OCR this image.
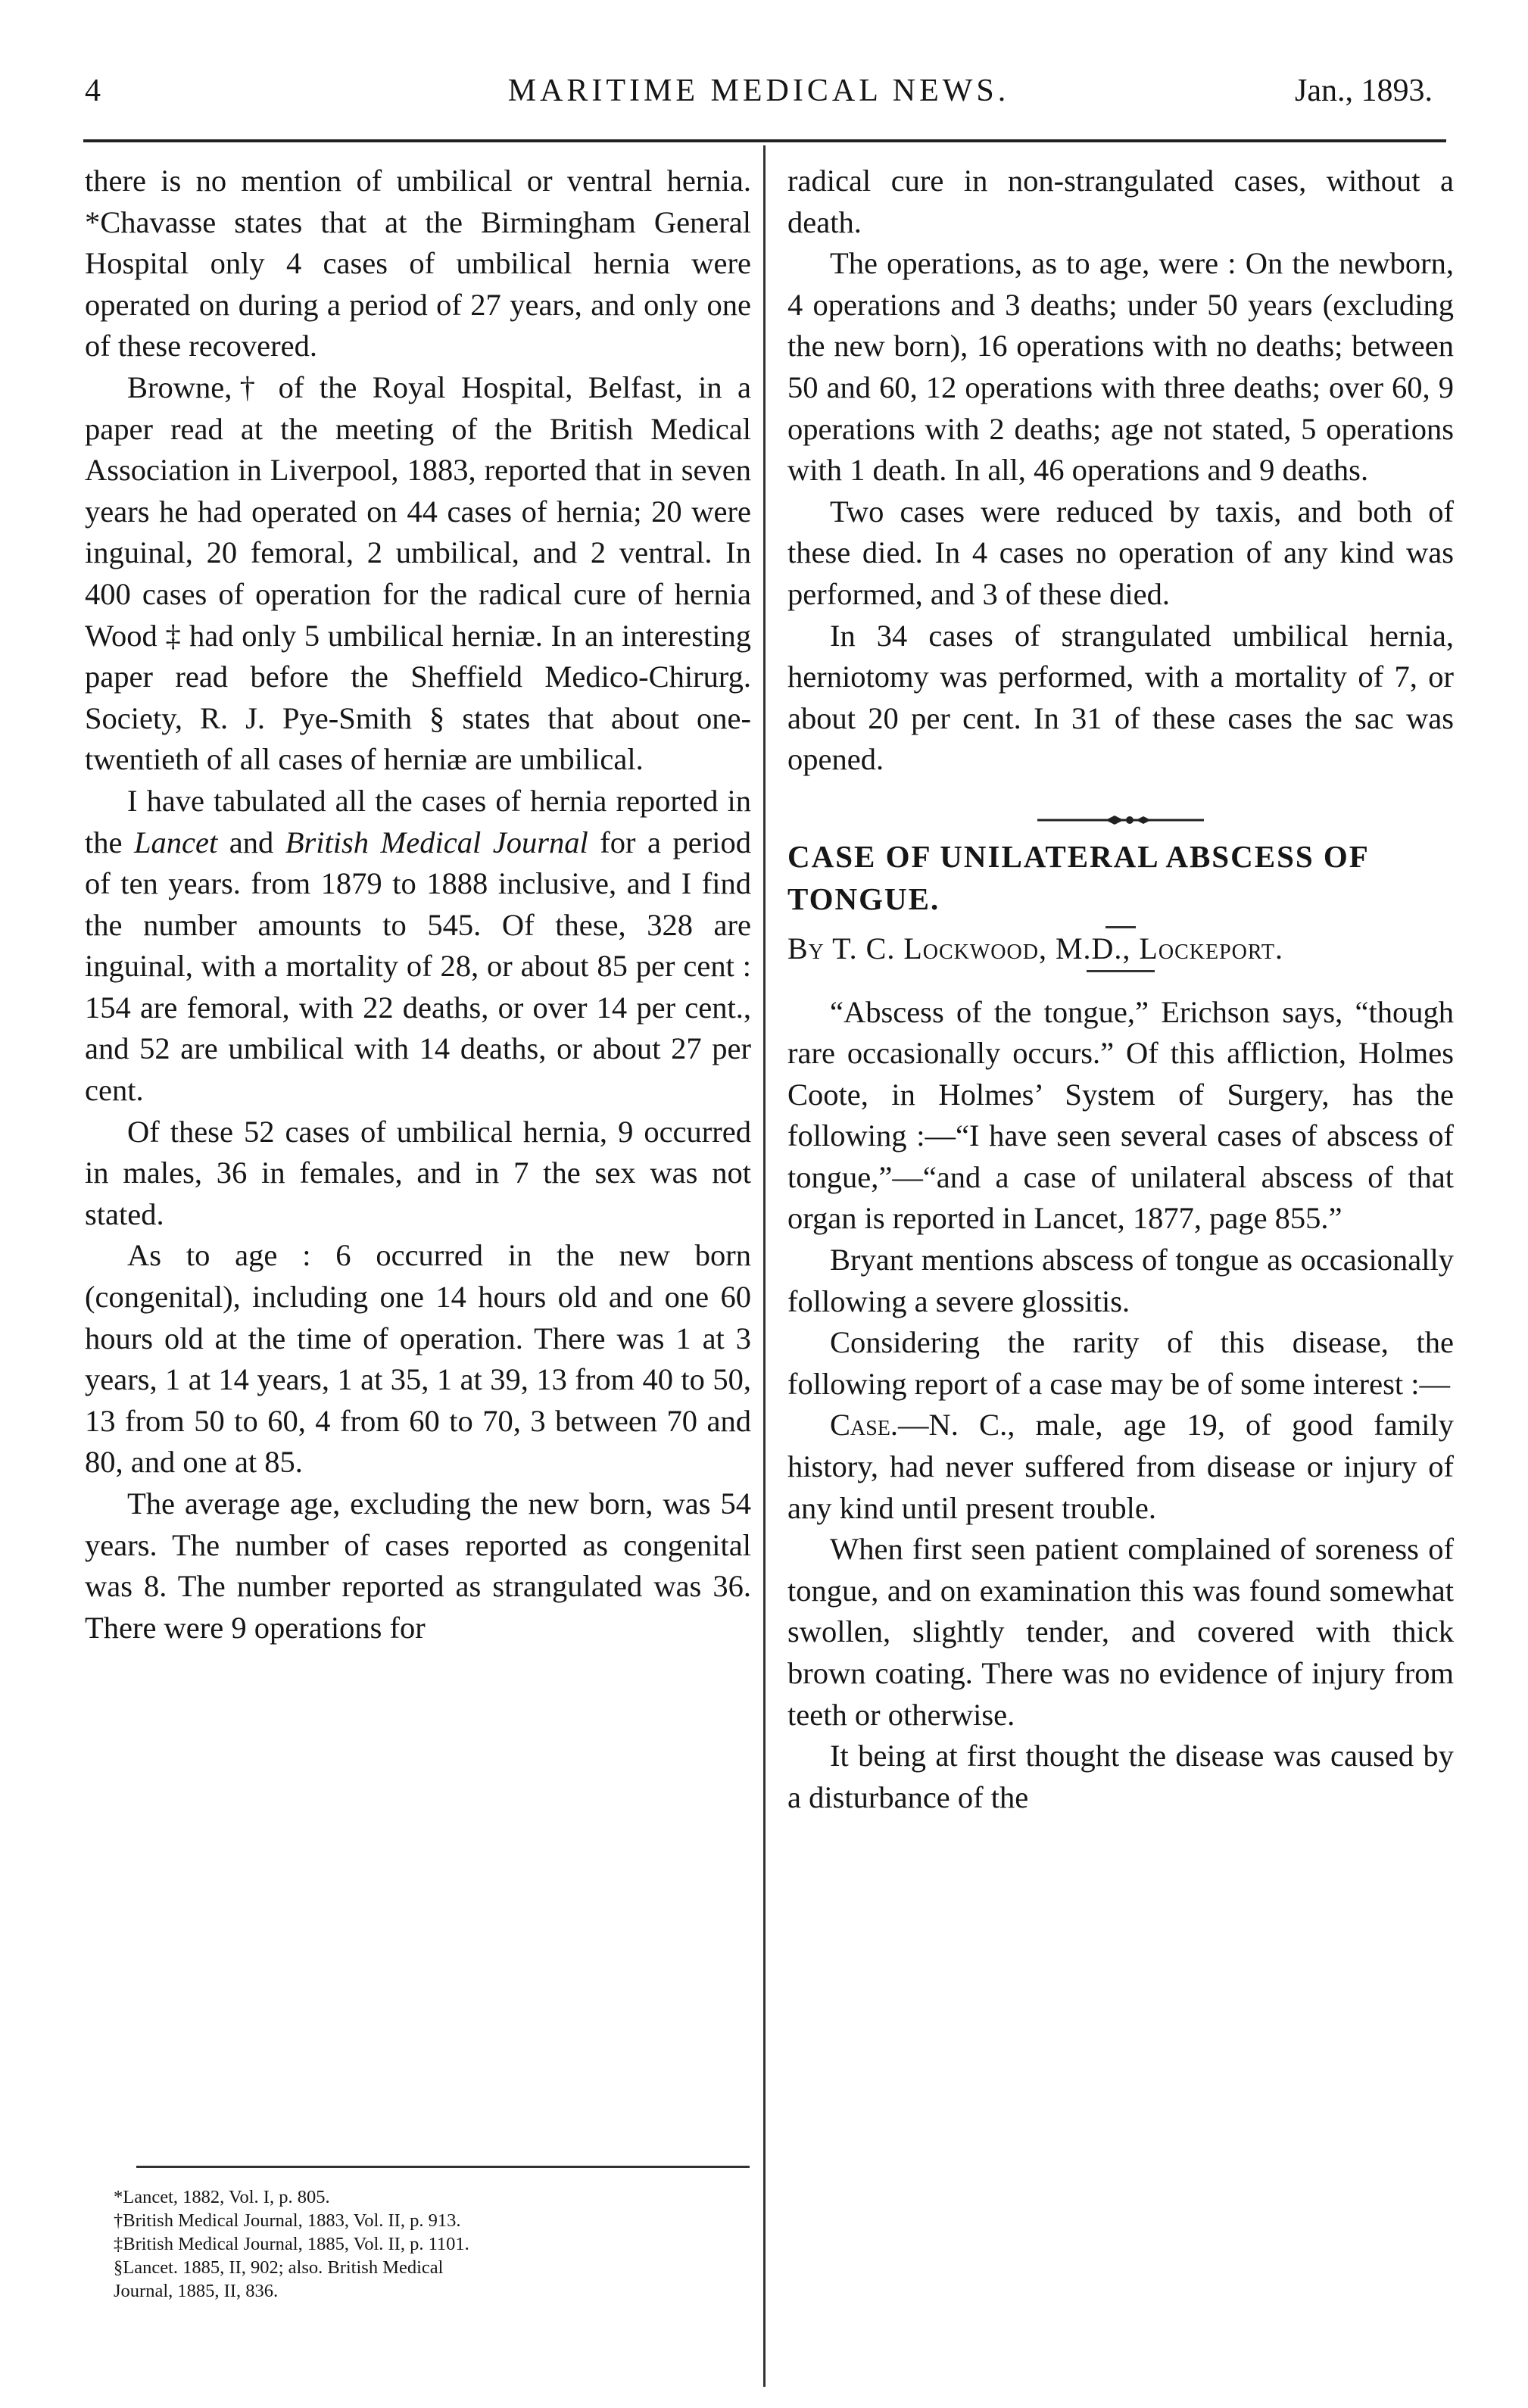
4	MARITIME MEDICAL NEWS.	Jan., 1893.

there is no mention of umbilical or ventral hernia. *Chavasse states that at the Birmingham General Hospital only 4 cases of umbilical hernia were operated on during a period of 27 years, and only one of these recovered.

Browne,† of the Royal Hospital, Belfast, in a paper read at the meeting of the British Medical Association in Liverpool, 1883, reported that in seven years he had operated on 44 cases of hernia; 20 were inguinal, 20 femoral, 2 umbilical, and 2 ventral. In 400 cases of operation for the radical cure of hernia Wood ‡ had only 5 umbilical herniæ. In an interesting paper read before the Sheffield Medico-Chirurg. Society, R. J. Pye-Smith § states that about one-twentieth of all cases of herniæ are umbilical.

I have tabulated all the cases of hernia reported in the Lancet and British Medical Journal for a period of ten years. from 1879 to 1888 inclusive, and I find the number amounts to 545. Of these, 328 are inguinal, with a mortality of 28, or about 85 per cent : 154 are femoral, with 22 deaths, or over 14 per cent., and 52 are umbilical with 14 deaths, or about 27 per cent.

Of these 52 cases of umbilical hernia, 9 occurred in males, 36 in females, and in 7 the sex was not stated.

As to age : 6 occurred in the new born (congenital), including one 14 hours old and one 60 hours old at the time of operation. There was 1 at 3 years, 1 at 14 years, 1 at 35, 1 at 39, 13 from 40 to 50, 13 from 50 to 60, 4 from 60 to 70, 3 between 70 and 80, and one at 85.

The average age, excluding the new born, was 54 years. The number of cases reported as congenital was 8. The number reported as strangulated was 36. There were 9 operations for

*Lancet, 1882, Vol. I, p. 805.
†British Medical Journal, 1883, Vol. II, p. 913.
‡British Medical Journal, 1885, Vol. II, p. 1101.
§Lancet. 1885, II, 902; also. British Medical
Journal, 1885, II, 836.

radical cure in non-strangulated cases, without a death.

The operations, as to age, were : On the newborn, 4 operations and 3 deaths; under 50 years (excluding the new born), 16 operations with no deaths; between 50 and 60, 12 operations with three deaths; over 60, 9 operations with 2 deaths; age not stated, 5 operations with 1 death. In all, 46 operations and 9 deaths.

Two cases were reduced by taxis, and both of these died. In 4 cases no operation of any kind was performed, and 3 of these died.

In 34 cases of strangulated umbilical hernia, herniotomy was performed, with a mortality of 7, or about 20 per cent. In 31 of these cases the sac was opened.

CASE OF UNILATERAL ABSCESS OF

TONGUE.

By T. C. Lockwood, M.D., Lockeport.

“Abscess of the tongue,” Erichson says, “though rare occasionally occurs.” Of this affliction, Holmes Coote, in Holmes’ System of Surgery, has the following :—“I have seen several cases of abscess of tongue,”—“and a case of unilateral abscess of that organ is reported in Lancet, 1877, page 855.”

Bryant mentions abscess of tongue as occasionally following a severe glossitis.

Considering the rarity of this disease, the following report of a case may be of some interest :—

Case.—N. C., male, age 19, of good family history, had never suffered from disease or injury of any kind until present trouble.

When first seen patient complained of soreness of tongue, and on examination this was found somewhat swollen, slightly tender, and covered with thick brown coating. There was no evidence of injury from teeth or otherwise.

It being at first thought the disease was caused by a disturbance of the
